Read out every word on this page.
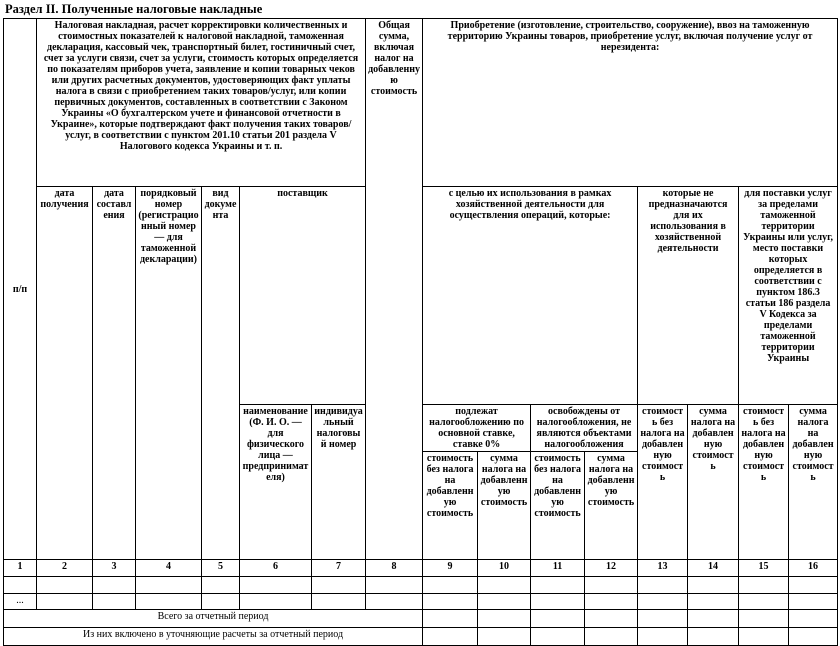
Раздел II. Полученные налоговые накладные
п/п	Налоговая накладная, расчет корректировки количественных и стоимостных показателей к налоговой накладной, таможенная декларация, кассовый чек, транспортный билет, гостиничный счет, счет за услуги связи, счет за услуги, стоимость которых определяется по показателям приборов учета, заявление и копии товарных чеков или других расчетных документов, удостоверяющих факт уплаты налога в связи с приобретением таких товаров/услуг, или копии первичных документов, составленных в соответствии с Законом Украины «О бухгалтерском учете и финансовой отчетности в Украине», которые подтверждают факт получения таких товаров/услуг, в соответствии с пунктом 201.10 статьи 201 раздела V Налогового кодекса Украины и т. п.						Общая сумма, включая налог на добавленную стоимость	Приобретение (изготовление, строительство, сооружение), ввоз на таможенную территорию Украины товаров, приобретение услуг, включая получение услуг от нерезидента:							
	дата получения	дата составления	порядковый номер (регистрационный номер — для таможенной декларации)	вид документа	поставщик			с целью их использования в рамках хозяйственной деятельности для осуществления операций, которые:				которые не предназначаются для их использования в хозяйственной деятельности		для поставки услуг за пределами таможенной территории Украины или услуг, место поставки которых определяется в соответствии с пунктом 186.3 статьи 186 раздела V Кодекса за пределами таможенной территории Украины	
					наименование (Ф. И. О. — для физического лица — предпринимателя)	индивидуальный налоговый номер		подлежат налогообложению по основной ставке, ставке 0%		освобождены от налогообложения, не являются объектами налогообложения		стоимость без налога на добавленную стоимость	сумма налога на добавленную стоимость	стоимость без налога на добавленную стоимость	сумма налога на добавленную стоимость
								стоимость без налога на добавленную стоимость	сумма налога на добавленную стоимость	стоимость без налога на добавленную стоимость	сумма налога на добавленную стоимость				
1	2	3	4	5	6	7	8	9	10	11	12	13	14	15	16

...															
Всего за отчетный период															
Из них включено в уточняющие расчеты за отчетный период															
